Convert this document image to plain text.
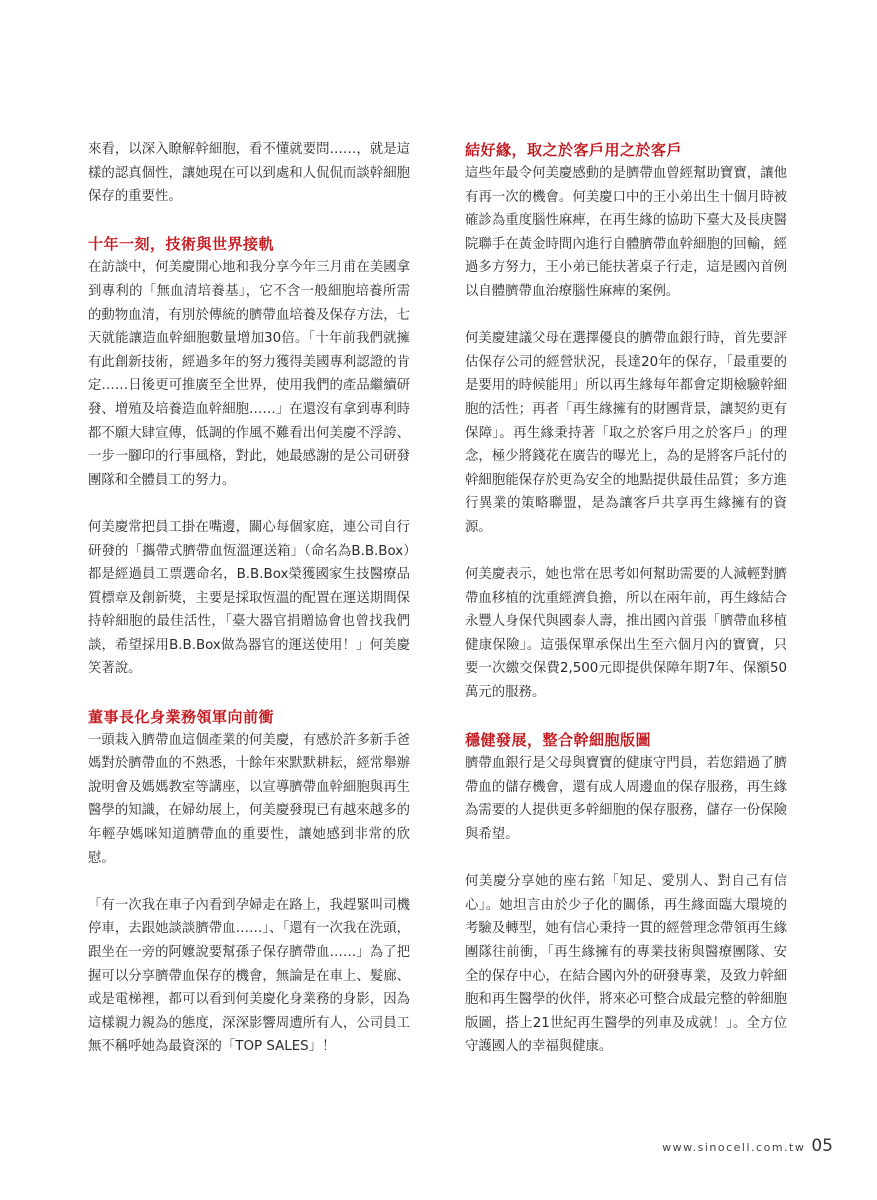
來看，以深入瞭解幹細胞，看不懂就要問……，就是這樣的認真個性，讓她現在可以到處和人侃侃而談幹細胞保存的重要性。

十年一刻，技術與世界接軌

在訪談中，何美慶開心地和我分享今年三月甫在美國拿到專利的「無血清培養基」，它不含一般細胞培養所需的動物血清，有別於傳統的臍帶血培養及保存方法，七天就能讓造血幹細胞數量增加30倍。「十年前我們就擁有此創新技術，經過多年的努力獲得美國專利認證的肯定……日後更可推廣至全世界，使用我們的產品繼續研發、增殖及培養造血幹細胞……」在還沒有拿到專利時都不願大肆宣傳，低調的作風不難看出何美慶不浮誇、一步一腳印的行事風格，對此，她最感謝的是公司研發團隊和全體員工的努力。

何美慶常把員工掛在嘴邊，關心每個家庭，連公司自行研發的「攜帶式臍帶血恆溫運送箱」（命名為B.B.Box）都是經過員工票選命名，B.B.Box榮獲國家生技醫療品質標章及創新獎，主要是採取恆溫的配置在運送期間保持幹細胞的最佳活性，「臺大器官捐贈協會也曾找我們談，希望採用B.B.Box做為器官的運送使用！」何美慶笑著說。

董事長化身業務領軍向前衝

一頭栽入臍帶血這個產業的何美慶，有感於許多新手爸媽對於臍帶血的不熟悉，十餘年來默默耕耘，經常舉辦說明會及媽媽教室等講座，以宣導臍帶血幹細胞與再生醫學的知識，在婦幼展上，何美慶發現已有越來越多的年輕孕媽咪知道臍帶血的重要性，讓她感到非常的欣慰。

「有一次我在車子內看到孕婦走在路上，我趕緊叫司機停車，去跟她談談臍帶血……」、「還有一次我在洗頭，跟坐在一旁的阿嬤說要幫孫子保存臍帶血……」為了把握可以分享臍帶血保存的機會，無論是在車上、髮廊、或是電梯裡，都可以看到何美慶化身業務的身影，因為這樣親力親為的態度，深深影響周遭所有人，公司員工無不稱呼她為最資深的「TOP SALES」！

結好緣，取之於客戶用之於客戶

這些年最令何美慶感動的是臍帶血曾經幫助寶寶，讓他有再一次的機會。何美慶口中的王小弟出生十個月時被確診為重度腦性麻痺，在再生緣的協助下臺大及長庚醫院聯手在黃金時間內進行自體臍帶血幹細胞的回輸，經過多方努力，王小弟已能扶著桌子行走，這是國內首例以自體臍帶血治療腦性麻痺的案例。

何美慶建議父母在選擇優良的臍帶血銀行時，首先要評估保存公司的經營狀況，長達20年的保存，「最重要的是要用的時候能用」所以再生緣每年都會定期檢驗幹細胞的活性；再者「再生緣擁有的財團背景，讓契約更有保障」。再生緣秉持著「取之於客戶用之於客戶」的理念，極少將錢花在廣告的曝光上，為的是將客戶託付的幹細胞能保存於更為安全的地點提供最佳品質；多方進行異業的策略聯盟，是為讓客戶共享再生緣擁有的資源。

何美慶表示，她也常在思考如何幫助需要的人減輕對臍帶血移植的沈重經濟負擔，所以在兩年前，再生緣結合永豐人身保代與國泰人壽，推出國內首張「臍帶血移植健康保險」。這張保單承保出生至六個月內的寶寶，只要一次繳交保費2,500元即提供保障年期7年、保額50萬元的服務。

穩健發展，整合幹細胞版圖

臍帶血銀行是父母與寶寶的健康守門員，若您錯過了臍帶血的儲存機會，還有成人周邊血的保存服務，再生緣為需要的人提供更多幹細胞的保存服務，儲存一份保險與希望。

何美慶分享她的座右銘「知足、愛別人、對自己有信心」。她坦言由於少子化的關係，再生緣面臨大環境的考驗及轉型，她有信心秉持一貫的經營理念帶領再生緣團隊往前衝，「再生緣擁有的專業技術與醫療團隊、安全的保存中心，在結合國內外的研發專業，及致力幹細胞和再生醫學的伙伴，將來必可整合成最完整的幹細胞版圖，搭上21世紀再生醫學的列車及成就！」。全方位守護國人的幸福與健康。

www.sinocell.com.tw 05
